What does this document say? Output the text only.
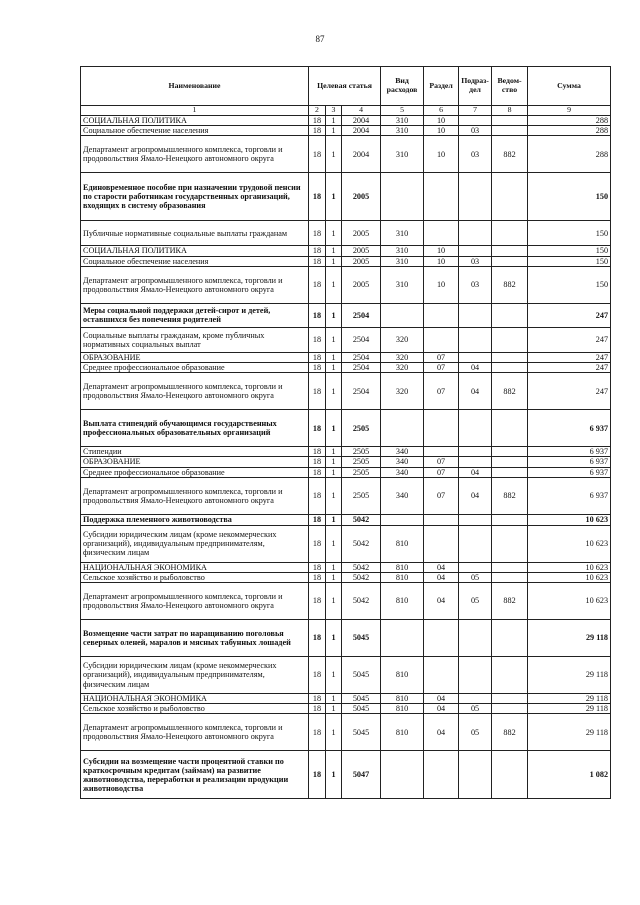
87
Наименование	Целевая статья			Вид расходов	Раздел	Подраз-дел	Ведом-ство	Сумма
1	2	3	4	5	6	7	8	9
СОЦИАЛЬНАЯ ПОЛИТИКА	18	1	2004	310	10			288
Социальное обеспечение населения	18	1	2004	310	10	03		288
Департамент агропромышленного комплекса, торговли и продовольствия Ямало-Ненецкого автономного округа	18	1	2004	310	10	03	882	288
Единовременное пособие при назначении трудовой пенсии по старости работникам государственных организаций, входящих в систему образования	18	1	2005					150
Публичные нормативные социальные выплаты гражданам	18	1	2005	310				150
СОЦИАЛЬНАЯ ПОЛИТИКА	18	1	2005	310	10			150
Социальное обеспечение населения	18	1	2005	310	10	03		150
Департамент агропромышленного комплекса, торговли и продовольствия Ямало-Ненецкого автономного округа	18	1	2005	310	10	03	882	150
Меры социальной поддержки детей-сирот и детей, оставшихся без попечения родителей	18	1	2504					247
Социальные выплаты гражданам, кроме публичных нормативных социальных выплат	18	1	2504	320				247
ОБРАЗОВАНИЕ	18	1	2504	320	07			247
Среднее профессиональное образование	18	1	2504	320	07	04		247
Департамент агропромышленного комплекса, торговли и продовольствия Ямало-Ненецкого автономного округа	18	1	2504	320	07	04	882	247
Выплата стипендий обучающимся государственных профессиональных образовательных организаций	18	1	2505					6 937
Стипендии	18	1	2505	340				6 937
ОБРАЗОВАНИЕ	18	1	2505	340	07			6 937
Среднее профессиональное образование	18	1	2505	340	07	04		6 937
Департамент агропромышленного комплекса, торговли и продовольствия Ямало-Ненецкого автономного округа	18	1	2505	340	07	04	882	6 937
Поддержка племенного животноводства	18	1	5042					10 623
Субсидии юридическим лицам (кроме некоммерческих организаций), индивидуальным предпринимателям, физическим лицам	18	1	5042	810				10 623
НАЦИОНАЛЬНАЯ ЭКОНОМИКА	18	1	5042	810	04			10 623
Сельское хозяйство и рыболовство	18	1	5042	810	04	05		10 623
Департамент агропромышленного комплекса, торговли и продовольствия Ямало-Ненецкого автономного округа	18	1	5042	810	04	05	882	10 623
Возмещение части затрат по наращиванию поголовья северных оленей, маралов и мясных табунных лошадей	18	1	5045					29 118
Субсидии юридическим лицам (кроме некоммерческих организаций), индивидуальным предпринимателям, физическим лицам	18	1	5045	810				29 118
НАЦИОНАЛЬНАЯ ЭКОНОМИКА	18	1	5045	810	04			29 118
Сельское хозяйство и рыболовство	18	1	5045	810	04	05		29 118
Департамент агропромышленного комплекса, торговли и продовольствия Ямало-Ненецкого автономного округа	18	1	5045	810	04	05	882	29 118
Субсидии на возмещение части процентной ставки по краткосрочным кредитам (займам) на развитие животноводства, переработки и реализации продукции животноводства	18	1	5047					1 082
